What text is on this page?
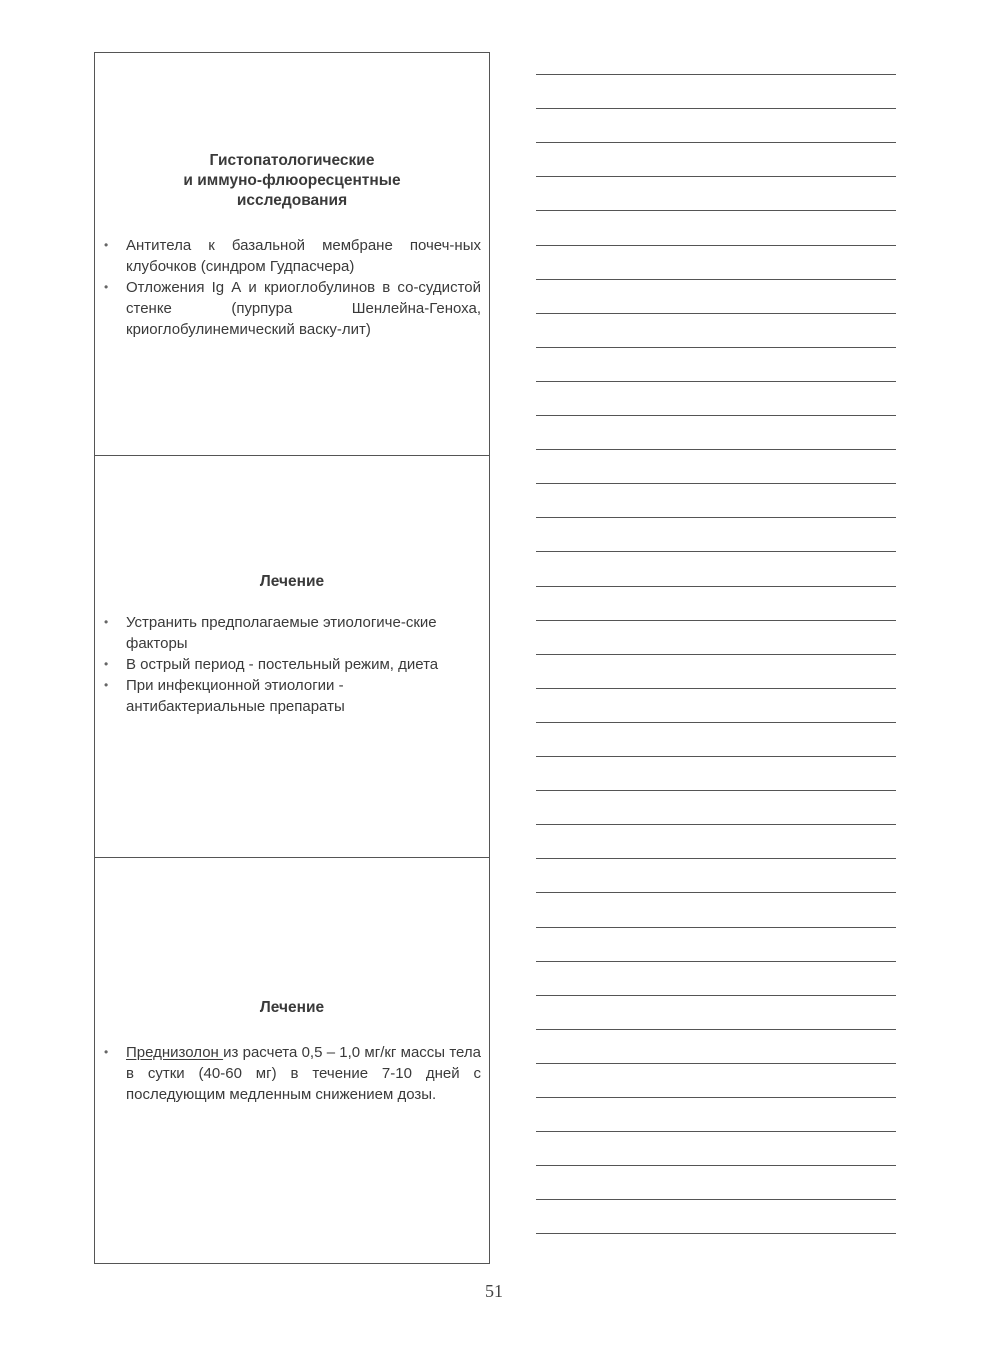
Гистопатологические
и иммуно-флюоресцентные
исследования
• Антитела к базальной мембране почеч-ных клубочков (синдром Гудпасчера)
• Отложения Ig А и криоглобулинов в со-судистой стенке (пурпура Шенлейна-Геноха, криоглобулинемический васку-лит)
Лечение
• Устранить предполагаемые этиологиче-ские факторы
• В острый период - постельный режим, диета
• При инфекционной этиологии - антибактериальные препараты
Лечение
• Преднизолон из расчета 0,5 – 1,0 мг/кг массы тела в сутки (40-60 мг) в течение 7-10 дней с последующим медленным снижением дозы.
51
